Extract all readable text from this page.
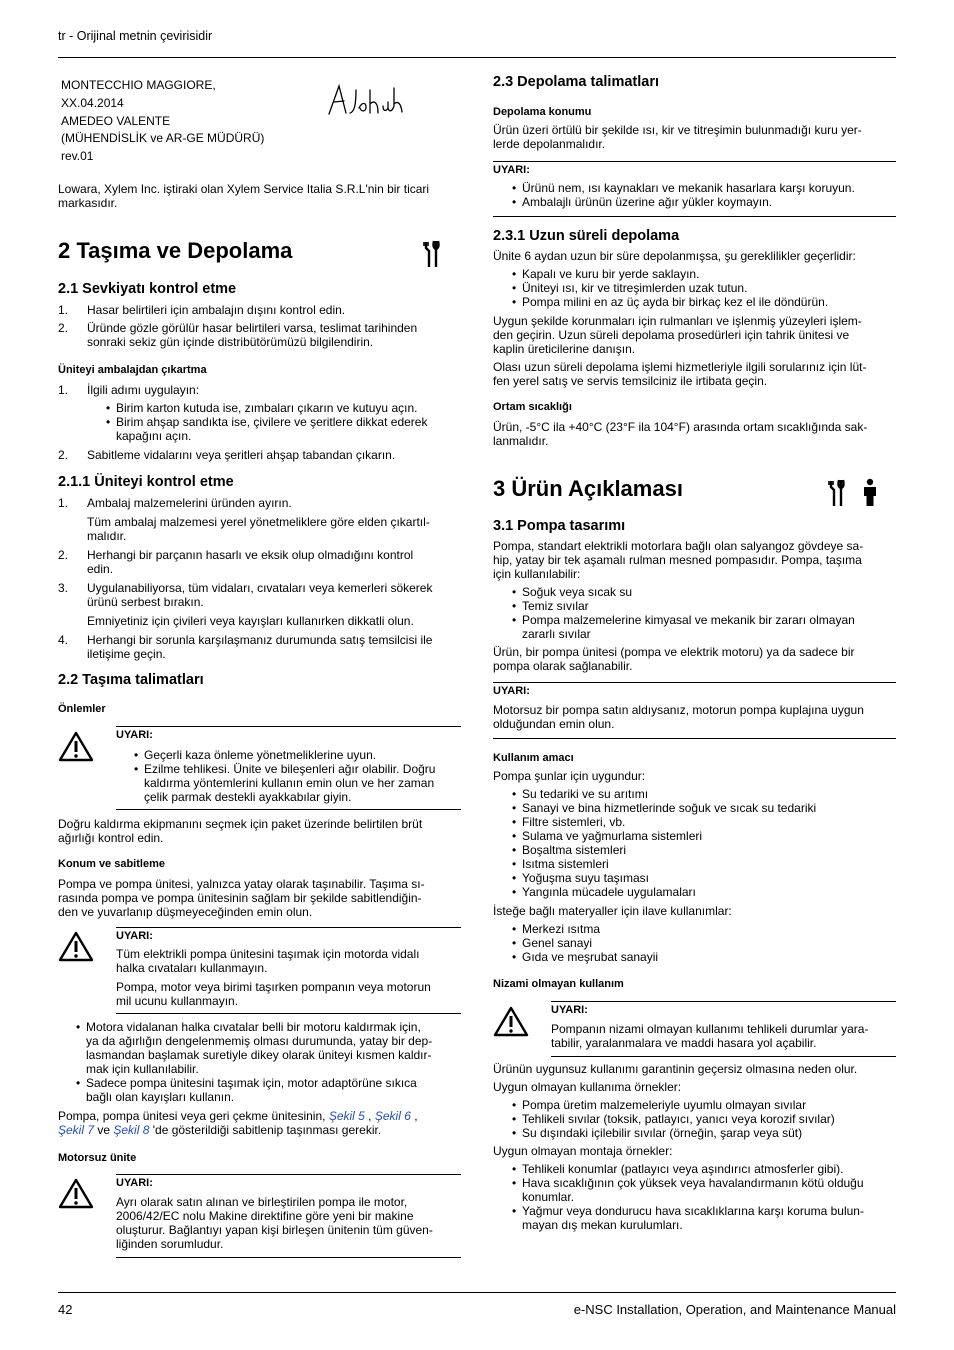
tr - Orijinal metnin çevirisidir
MONTECCHIO MAGGIORE,
XX.04.2014
AMEDEO VALENTE
(MÜHENDİSLİK ve AR-GE MÜDÜRÜ)
rev.01
Lowara, Xylem Inc. iştiraki olan Xylem Service Italia S.R.L'nin bir ticari
markasıdır.
2 Taşıma ve Depolama
2.1 Sevkiyatı kontrol etme
1. Hasar belirtileri için ambalajın dışını kontrol edin.
2. Üründe gözle görülür hasar belirtileri varsa, teslimat tarihinden
sonraki sekiz gün içinde distribütörümüzü bilgilendirin.
Üniteyi ambalajdan çıkartma
1. İlgili adımı uygulayın:
• Birim karton kutuda ise, zımbaları çıkarın ve kutuyu açın.
• Birim ahşap sandıkta ise, çivilere ve şeritlere dikkat ederek
kapağını açın.
2. Sabitleme vidalarını veya şeritleri ahşap tabandan çıkarın.
2.1.1 Üniteyi kontrol etme
1. Ambalaj malzemelerini üründen ayırın.
Tüm ambalaj malzemesi yerel yönetmeliklere göre elden çıkartıl-
malıdır.
2. Herhangi bir parçanın hasarlı ve eksik olup olmadığını kontrol
edin.
3. Uygulanabiliyorsa, tüm vidaları, cıvataları veya kemerleri sökerek
ürünü serbest bırakın.
Emniyetiniz için çivileri veya kayışları kullanırken dikkatli olun.
4. Herhangi bir sorunla karşılaşmanız durumunda satış temsilcisi ile
iletişime geçin.
2.2 Taşıma talimatları
Önlemler
UYARI:
• Geçerli kaza önleme yönetmeliklerine uyun.
• Ezilme tehlikesi. Ünite ve bileşenleri ağır olabilir. Doğru
kaldırma yöntemlerini kullanın emin olun ve her zaman
çelik parmak destekli ayakkabılar giyin.
Doğru kaldırma ekipmanını seçmek için paket üzerinde belirtilen brüt
ağırlığı kontrol edin.
Konum ve sabitleme
Pompa ve pompa ünitesi, yalnızca yatay olarak taşınabilir. Taşıma sı-
rasında pompa ve pompa ünitesinin sağlam bir şekilde sabitlendiğin-
den ve yuvarlanıp düşmeyeceğinden emin olun.
UYARI:
Tüm elektrikli pompa ünitesini taşımak için motorda vidalı
halka cıvataları kullanmayın.
Pompa, motor veya birimi taşırken pompanın veya motorun
mil ucunu kullanmayın.
• Motora vidalanan halka cıvatalar belli bir motoru kaldırmak için,
ya da ağırlığın dengelenmemiş olması durumunda, yatay bir dep-
lasmandan başlamak suretiyle dikey olarak üniteyi kısmen kaldır-
mak için kullanılabilir.
• Sadece pompa ünitesini taşımak için, motor adaptörüne sıkıca
bağlı olan kayışları kullanın.
Pompa, pompa ünitesi veya geri çekme ünitesinin, Şekil 5 , Şekil 6 ,
Şekil 7 ve Şekil 8 'de gösterildiği sabitlenip taşınması gerekir.
Motorsuz ünite
UYARI:
Ayrı olarak satın alınan ve birleştirilen pompa ile motor,
2006/42/EC nolu Makine direktifine göre yeni bir makine
oluşturur. Bağlantıyı yapan kişi birleşen ünitenin tüm güven-
liğinden sorumludur.
2.3 Depolama talimatları
Depolama konumu
Ürün üzeri örtülü bir şekilde ısı, kir ve titreşimin bulunmadığı kuru yer-
lerde depolanmalıdır.
UYARI:
• Ürünü nem, ısı kaynakları ve mekanik hasarlara karşı koruyun.
• Ambalajlı ürünün üzerine ağır yükler koymayın.
2.3.1 Uzun süreli depolama
Ünite 6 aydan uzun bir süre depolanmışsa, şu gereklilikler geçerlidir:
• Kapalı ve kuru bir yerde saklayın.
• Üniteyi ısı, kir ve titreşimlerden uzak tutun.
• Pompa milini en az üç ayda bir birkaç kez el ile döndürün.
Uygun şekilde korunmaları için rulmanları ve işlenmiş yüzeyleri işlem-
den geçirin. Uzun süreli depolama prosedürleri için tahrik ünitesi ve
kaplin üreticilerine danışın.
Olası uzun süreli depolama işlemi hizmetleriyle ilgili sorularınız için lüt-
fen yerel satış ve servis temsilciniz ile irtibata geçin.
Ortam sıcaklığı
Ürün, -5°C ila +40°C (23°F ila 104°F) arasında ortam sıcaklığında sak-
lanmalıdır.
3 Ürün Açıklaması
3.1 Pompa tasarımı
Pompa, standart elektrikli motorlara bağlı olan salyangoz gövdeye sa-
hip, yatay bir tek aşamalı rulman mesned pompasıdır. Pompa, taşıma
için kullanılabilir:
• Soğuk veya sıcak su
• Temiz sıvılar
• Pompa malzemelerine kimyasal ve mekanik bir zararı olmayan
zararlı sıvılar
Ürün, bir pompa ünitesi (pompa ve elektrik motoru) ya da sadece bir
pompa olarak sağlanabilir.
UYARI:
Motorsuz bir pompa satın aldıysanız, motorun pompa kuplajına uygun
olduğundan emin olun.
Kullanım amacı
Pompa şunlar için uygundur:
• Su tedariki ve su arıtımı
• Sanayi ve bina hizmetlerinde soğuk ve sıcak su tedariki
• Filtre sistemleri, vb.
• Sulama ve yağmurlama sistemleri
• Boşaltma sistemleri
• Isıtma sistemleri
• Yoğuşma suyu taşıması
• Yangınla mücadele uygulamaları
İsteğe bağlı materyaller için ilave kullanımlar:
• Merkezi ısıtma
• Genel sanayi
• Gıda ve meşrubat sanayii
Nizami olmayan kullanım
UYARI:
Pompanın nizami olmayan kullanımı tehlikeli durumlar yara-
tabilir, yaralanmalara ve maddi hasara yol açabilir.
Ürünün uygunsuz kullanımı garantinin geçersiz olmasına neden olur.
Uygun olmayan kullanıma örnekler:
• Pompa üretim malzemeleriyle uyumlu olmayan sıvılar
• Tehlikeli sıvılar (toksik, patlayıcı, yanıcı veya korozif sıvılar)
• Su dışındaki içilebilir sıvılar (örneğin, şarap veya süt)
Uygun olmayan montaja örnekler:
• Tehlikeli konumlar (patlayıcı veya aşındırıcı atmosferler gibi).
• Hava sıcaklığının çok yüksek veya havalandırmanın kötü olduğu
konumlar.
• Yağmur veya dondurucu hava sıcaklıklarına karşı koruma bulun-
mayan dış mekan kurulumları.
42	e-NSC Installation, Operation, and Maintenance Manual
